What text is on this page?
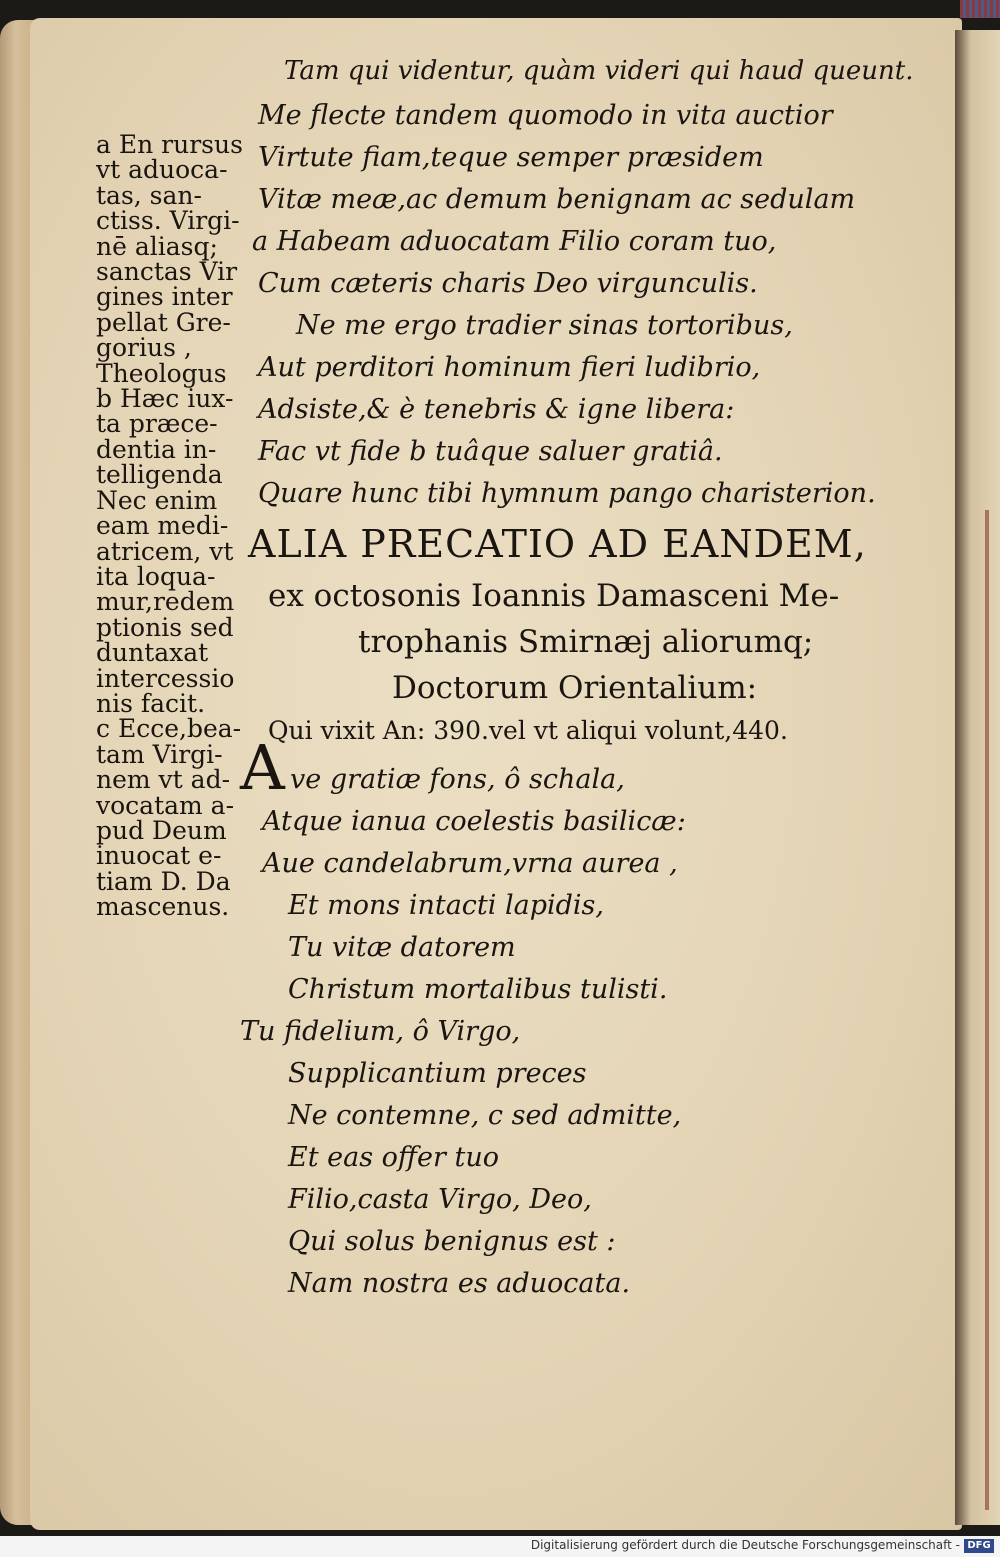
a En rursus
vt aduoca-
tas, san-
ctiss. Virgi-
nē aliasq;
sanctas Vir
gines inter
pellat Gre-
gorius ,
Theologus
b Hæc iux-
ta præce-
dentia in-
telligenda
Nec enim
eam medi-
atricem, vt
ita loqua-
mur,redem
ptionis sed
duntaxat
intercessio
nis facit.
c Ecce,bea-
tam Virgi-
nem vt ad-
vocatam a-
pud Deum
inuocat e-
tiam D. Da
mascenus.
Tam qui videntur, quàm videri qui haud queunt.
Me flecte tandem quomodo in vita auctior
Virtute fiam,teque semper præsidem
Vitæ meæ,ac demum benignam ac sedulam
a Habeam aduocatam Filio coram tuo,
Cum cæteris charis Deo virgunculis.
Ne me ergo tradier sinas tortoribus,
Aut perditori hominum fieri ludibrio,
Adsiste,& è tenebris & igne libera:
Fac vt fide b tuâque saluer gratiâ.
Quare hunc tibi hymnum pango charisterion.
ALIA PRECATIO AD EANDEM,
ex octosonis Ioannis Damasceni Me-
trophanis Smirnæj aliorumq;
Doctorum Orientalium:
Qui vixit An: 390.vel vt aliqui volunt,440.
A ve gratiæ fons, ô schala,
Atque ianua coelestis basilicæ:
Aue candelabrum,vrna aurea ,
Et mons intacti lapidis,
Tu vitæ datorem
Christum mortalibus tulisti.
Tu fidelium, ô Virgo,
Supplicantium preces
Ne contemne, c sed admitte,
Et eas offer tuo
Filio,casta Virgo, Deo,
Qui solus benignus est :
Nam nostra es aduocata.
Digitalisierung gefördert durch die Deutsche Forschungsgemeinschaft - DFG
